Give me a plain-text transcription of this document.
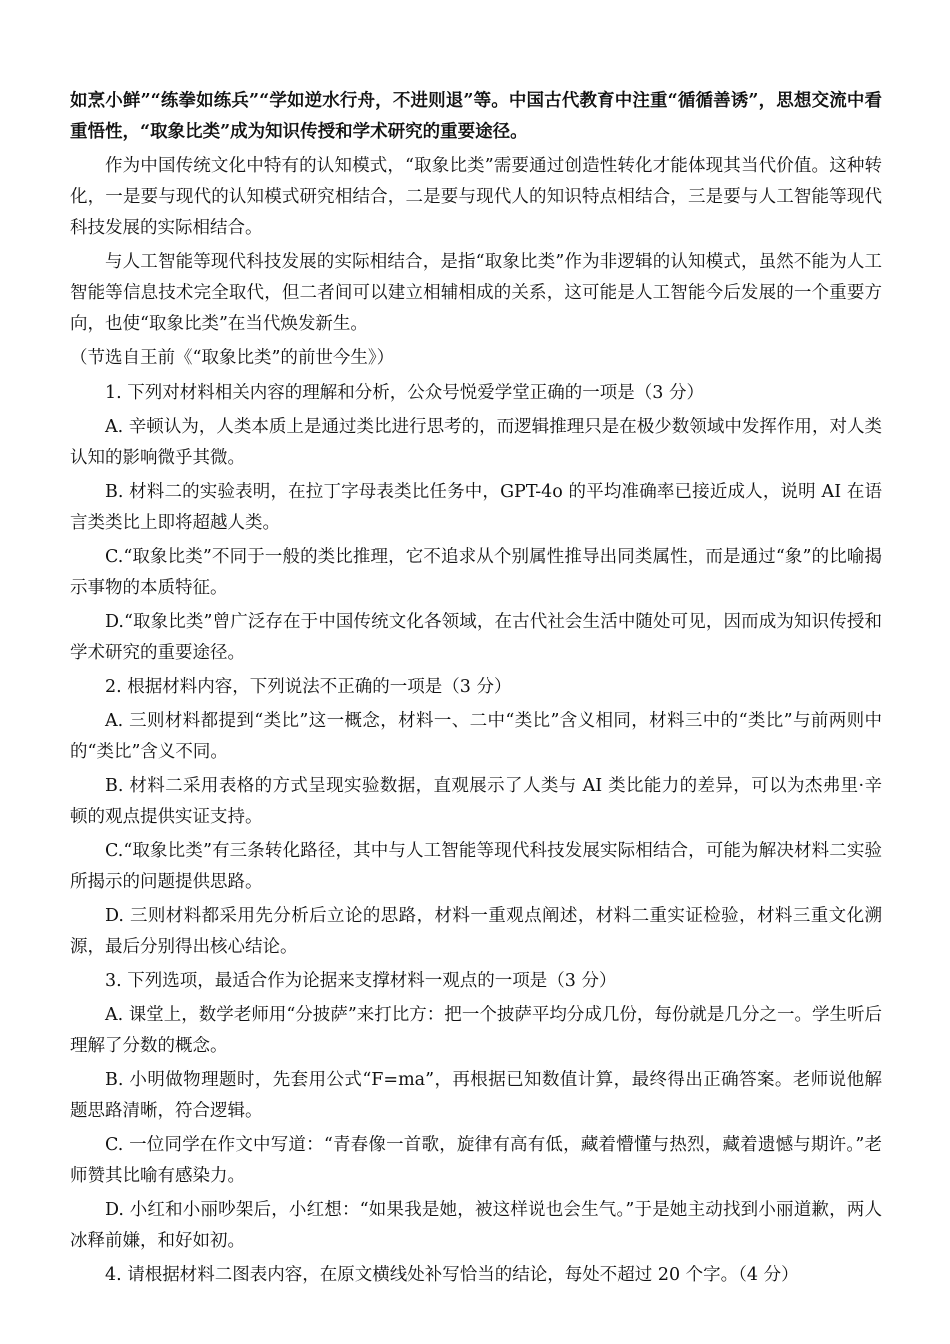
如烹小鲜”“练拳如练兵”“学如逆水行舟，不进则退”等。中国古代教育中注重“循循善诱”，思想交流中看重悟性，“取象比类”成为知识传授和学术研究的重要途径。

作为中国传统文化中特有的认知模式，“取象比类”需要通过创造性转化才能体现其当代价值。这种转化，一是要与现代的认知模式研究相结合，二是要与现代人的知识特点相结合，三是要与人工智能等现代科技发展的实际相结合。

与人工智能等现代科技发展的实际相结合，是指“取象比类”作为非逻辑的认知模式，虽然不能为人工智能等信息技术完全取代，但二者间可以建立相辅相成的关系，这可能是人工智能今后发展的一个重要方向，也使“取象比类”在当代焕发新生。

（节选自王前《“取象比类”的前世今生》）

1. 下列对材料相关内容的理解和分析，公众号悦爱学堂正确的一项是（3 分）

A. 辛顿认为，人类本质上是通过类比进行思考的，而逻辑推理只是在极少数领域中发挥作用，对人类认知的影响微乎其微。

B. 材料二的实验表明，在拉丁字母表类比任务中，GPT-4o 的平均准确率已接近成人，说明 AI 在语言类类比上即将超越人类。

C.“取象比类”不同于一般的类比推理，它不追求从个别属性推导出同类属性，而是通过“象”的比喻揭示事物的本质特征。

D.“取象比类”曾广泛存在于中国传统文化各领域，在古代社会生活中随处可见，因而成为知识传授和学术研究的重要途径。

2. 根据材料内容，下列说法不正确的一项是（3 分）

A. 三则材料都提到“类比”这一概念，材料一、二中“类比”含义相同，材料三中的“类比”与前两则中的“类比”含义不同。

B. 材料二采用表格的方式呈现实验数据，直观展示了人类与 AI 类比能力的差异，可以为杰弗里·辛顿的观点提供实证支持。

C.“取象比类”有三条转化路径，其中与人工智能等现代科技发展实际相结合，可能为解决材料二实验所揭示的问题提供思路。

D. 三则材料都采用先分析后立论的思路，材料一重观点阐述，材料二重实证检验，材料三重文化溯源，最后分别得出核心结论。

3. 下列选项，最适合作为论据来支撑材料一观点的一项是（3 分）

A. 课堂上，数学老师用“分披萨”来打比方：把一个披萨平均分成几份，每份就是几分之一。学生听后理解了分数的概念。

B. 小明做物理题时，先套用公式“F=ma”，再根据已知数值计算，最终得出正确答案。老师说他解题思路清晰，符合逻辑。

C. 一位同学在作文中写道：“青春像一首歌，旋律有高有低，藏着懵懂与热烈，藏着遗憾与期许。”老师赞其比喻有感染力。

D. 小红和小丽吵架后，小红想：“如果我是她，被这样说也会生气。”于是她主动找到小丽道歉，两人冰释前嫌，和好如初。

4. 请根据材料二图表内容，在原文横线处补写恰当的结论，每处不超过 20 个字。（4 分）
